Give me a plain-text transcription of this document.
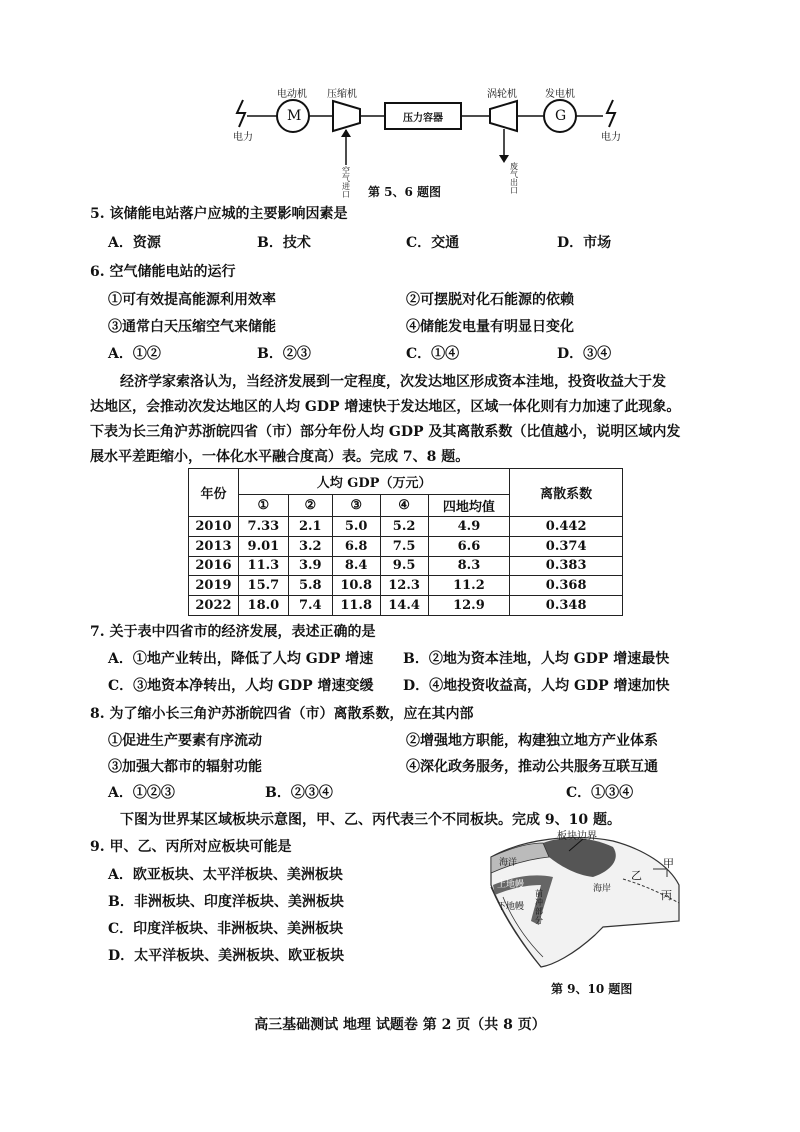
电动机 压缩机
压力容器
涡轮机	发电机
M	G
电力	电力
空气进口
废气出口
第 5、6 题图
5. 该储能电站落户应城的主要影响因素是
A．资源	B．技术	C．交通	D．市场
6. 空气储能电站的运行
①可有效提高能源利用效率	②可摆脱对化石能源的依赖
③通常白天压缩空气来储能	④储能发电量有明显日变化
A．①②	B．②③	C．①④	D．③④
经济学家索洛认为，当经济发展到一定程度，次发达地区形成资本洼地，投资收益大于发
达地区，会推动次发达地区的人均 GDP 增速快于发达地区，区域一体化则有力加速了此现象。
下表为长三角沪苏浙皖四省（市）部分年份人均 GDP 及其离散系数（比值越小，说明区域内发
展水平差距缩小，一体化水平融合度高）表。完成 7、8 题。
年份	人均 GDP（万元）					离散系数
	①	②	③	④	四地均值	
2010	7.33	2.1	5.0	5.2	4.9	0.442
2013	9.01	3.2	6.8	7.5	6.6	0.374
2016	11.3	3.9	8.4	9.5	8.3	0.383
2019	15.7	5.8	10.8	12.3	11.2	0.368
2022	18.0	7.4	11.8	14.4	12.9	0.348
7. 关于表中四省市的经济发展，表述正确的是
A．①地产业转出，降低了人均 GDP 增速 B．②地为资本洼地，人均 GDP 增速最快
C．③地资本净转出，人均 GDP 增速变缓 D．④地投资收益高，人均 GDP 增速加快
8. 为了缩小长三角沪苏浙皖四省（市）离散系数，应在其内部
①促进生产要素有序流动	②增强地方职能，构建独立地方产业体系
③加强大都市的辐射功能	④深化政务服务，推动公共服务互联互通
A．①②③	B．②③④	C．①③④
下图为世界某区域板块示意图，甲、乙、丙代表三个不同板块。完成 9、10 题。
9. 甲、乙、丙所对应板块可能是
A．欧亚板块、太平洋板块、美洲板块
B．非洲板块、印度洋板块、美洲板块
C．印度洋板块、非洲板块、美洲板块
D．太平洋板块、美洲板块、欧亚板块
板块边界
海洋
上地幔
下地幔
海岸
乙
丙
甲
前冲部分
第 9、10 题图
高三基础测试 地理 试题卷 第 2 页（共 8 页）
